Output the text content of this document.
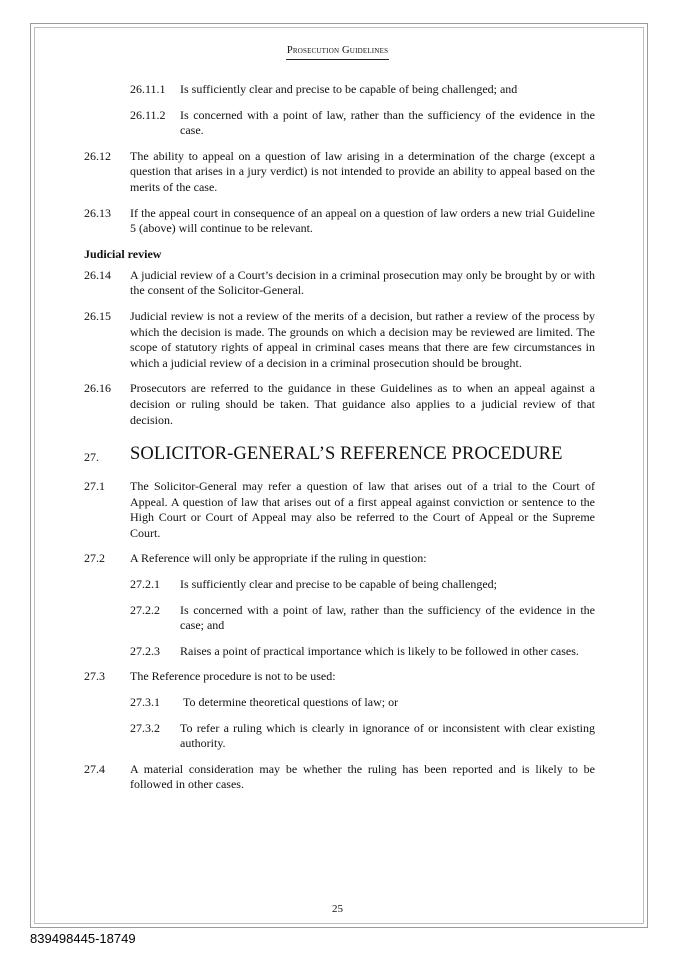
Prosecution Guidelines
26.11.1 Is sufficiently clear and precise to be capable of being challenged; and
26.11.2 Is concerned with a point of law, rather than the sufficiency of the evidence in the case.
26.12 The ability to appeal on a question of law arising in a determination of the charge (except a question that arises in a jury verdict) is not intended to provide an ability to appeal based on the merits of the case.
26.13 If the appeal court in consequence of an appeal on a question of law orders a new trial Guideline 5 (above) will continue to be relevant.
Judicial review
26.14 A judicial review of a Court’s decision in a criminal prosecution may only be brought by or with the consent of the Solicitor-General.
26.15 Judicial review is not a review of the merits of a decision, but rather a review of the process by which the decision is made. The grounds on which a decision may be reviewed are limited. The scope of statutory rights of appeal in criminal cases means that there are few circumstances in which a judicial review of a decision in a criminal prosecution should be brought.
26.16 Prosecutors are referred to the guidance in these Guidelines as to when an appeal against a decision or ruling should be taken. That guidance also applies to a judicial review of that decision.
27. SOLICITOR-GENERAL’S REFERENCE PROCEDURE
27.1 The Solicitor-General may refer a question of law that arises out of a trial to the Court of Appeal. A question of law that arises out of a first appeal against conviction or sentence to the High Court or Court of Appeal may also be referred to the Court of Appeal or the Supreme Court.
27.2 A Reference will only be appropriate if the ruling in question:
27.2.1 Is sufficiently clear and precise to be capable of being challenged;
27.2.2 Is concerned with a point of law, rather than the sufficiency of the evidence in the case; and
27.2.3 Raises a point of practical importance which is likely to be followed in other cases.
27.3 The Reference procedure is not to be used:
27.3.1 To determine theoretical questions of law; or
27.3.2 To refer a ruling which is clearly in ignorance of or inconsistent with clear existing authority.
27.4 A material consideration may be whether the ruling has been reported and is likely to be followed in other cases.
25
839498445-18749
